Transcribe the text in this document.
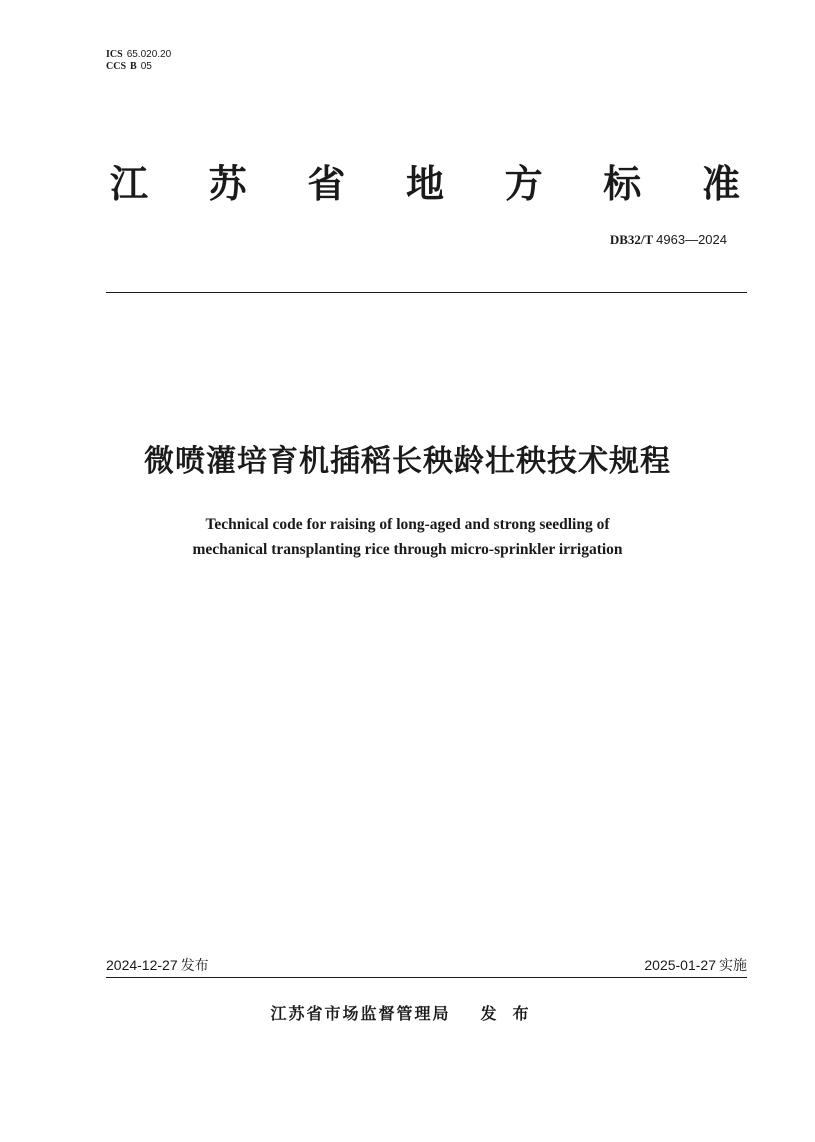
ICS 65.020.20
CCS B 05
江 苏 省 地 方 标 准
DB32/T 4963—2024
微喷灌培育机插稻长秧龄壮秧技术规程
Technical code for raising of long-aged and strong seedling of
mechanical transplanting rice through micro-sprinkler irrigation
2024-12-27 发布	2025-01-27 实施
江苏省市场监督管理局 发布
